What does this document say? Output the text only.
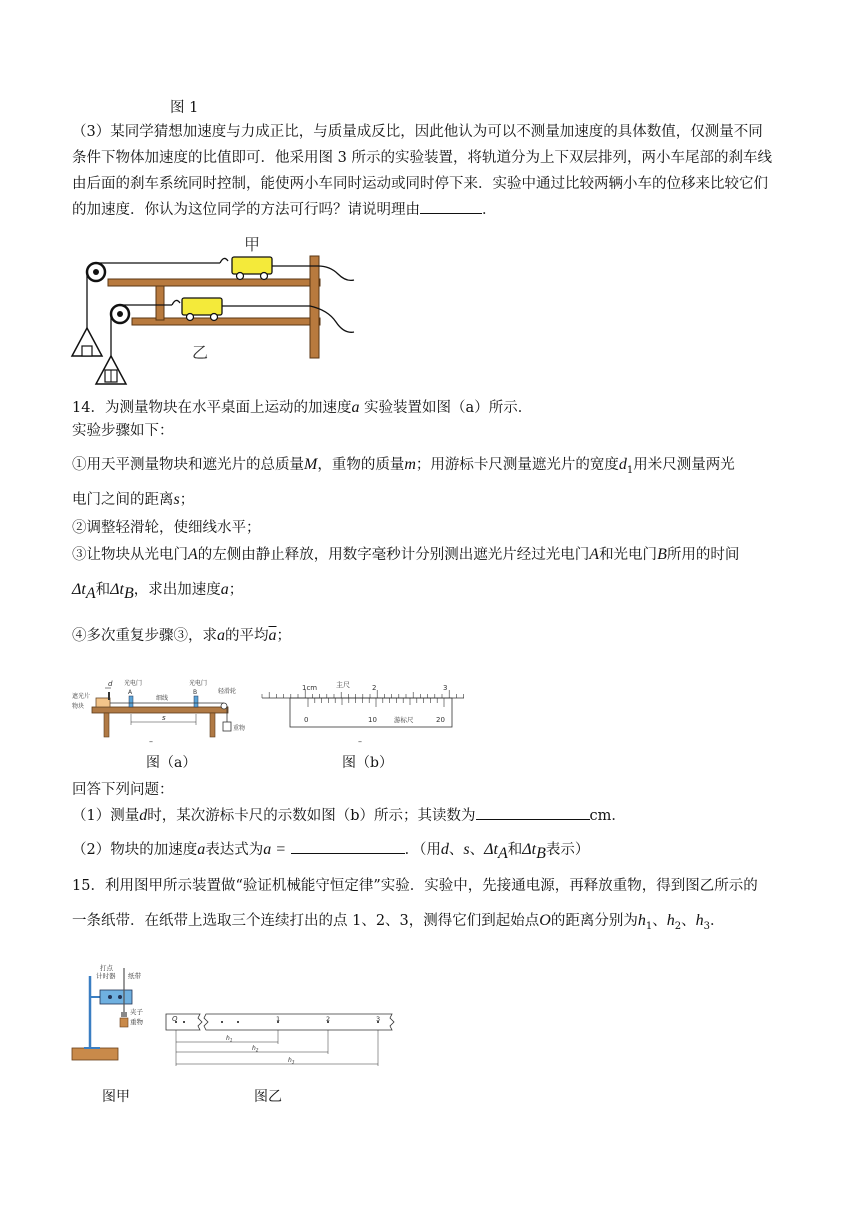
图 1
（3）某同学猜想加速度与力成正比，与质量成反比，因此他认为可以不测量加速度的具体数值，仅测量不同
条件下物体加速度的比值即可．他采用图 3 所示的实验装置，将轨道分为上下双层排列，两小车尾部的刹车线
由后面的刹车系统同时控制，能使两小车同时运动或同时停下来．实验中通过比较两辆小车的位移来比较它们
的加速度．你认为这位同学的方法可行吗？请说明理由	．
甲
乙
14．为测量物块在水平桌面上运动的加速度a 实验装置如图（a）所示．
实验步骤如下：
①用天平测量物块和遮光片的总质量M，重物的质量m；用游标卡尺测量遮光片的宽度$d_1$用米尺测量两光
电门之间的距离s；
②调整轻滑轮，使细线水平；
③让物块从光电门A的左侧由静止释放，用数字毫秒计分别测出遮光片经过光电门A和光电门B所用的时间
$\Delta t_A$和$\Delta t_B$，求出加速度a；
④多次重复步骤③，求a的平均$\overline{a}$；
d
遮光片
物块
A	B
光电门	光电门
细线
轻滑轮
s
重物
–
图（a）
1cm	主尺	2	3
0	10	20
游标尺
–
图（b）
回答下列问题：
（1）测量d时，某次游标卡尺的示数如图（b）所示；其读数为	cm．
（2）物块的加速度a表达式为a =	．（用d、s、$\Delta t_A$和$\Delta t_B$表示）
15．利用图甲所示装置做“验证机械能守恒定律”实验．实验中，先接通电源，再释放重物，得到图乙所示的
一条纸带．在纸带上选取三个连续打出的点 1、2、3，测得它们到起始点O的距离分别为$h_1$、$h_2$、$h_3$．
打点
计时器 纸带
夹子
重物
图甲
O	1	2	3
$h_1$
$h_2$
$h_3$
图乙
